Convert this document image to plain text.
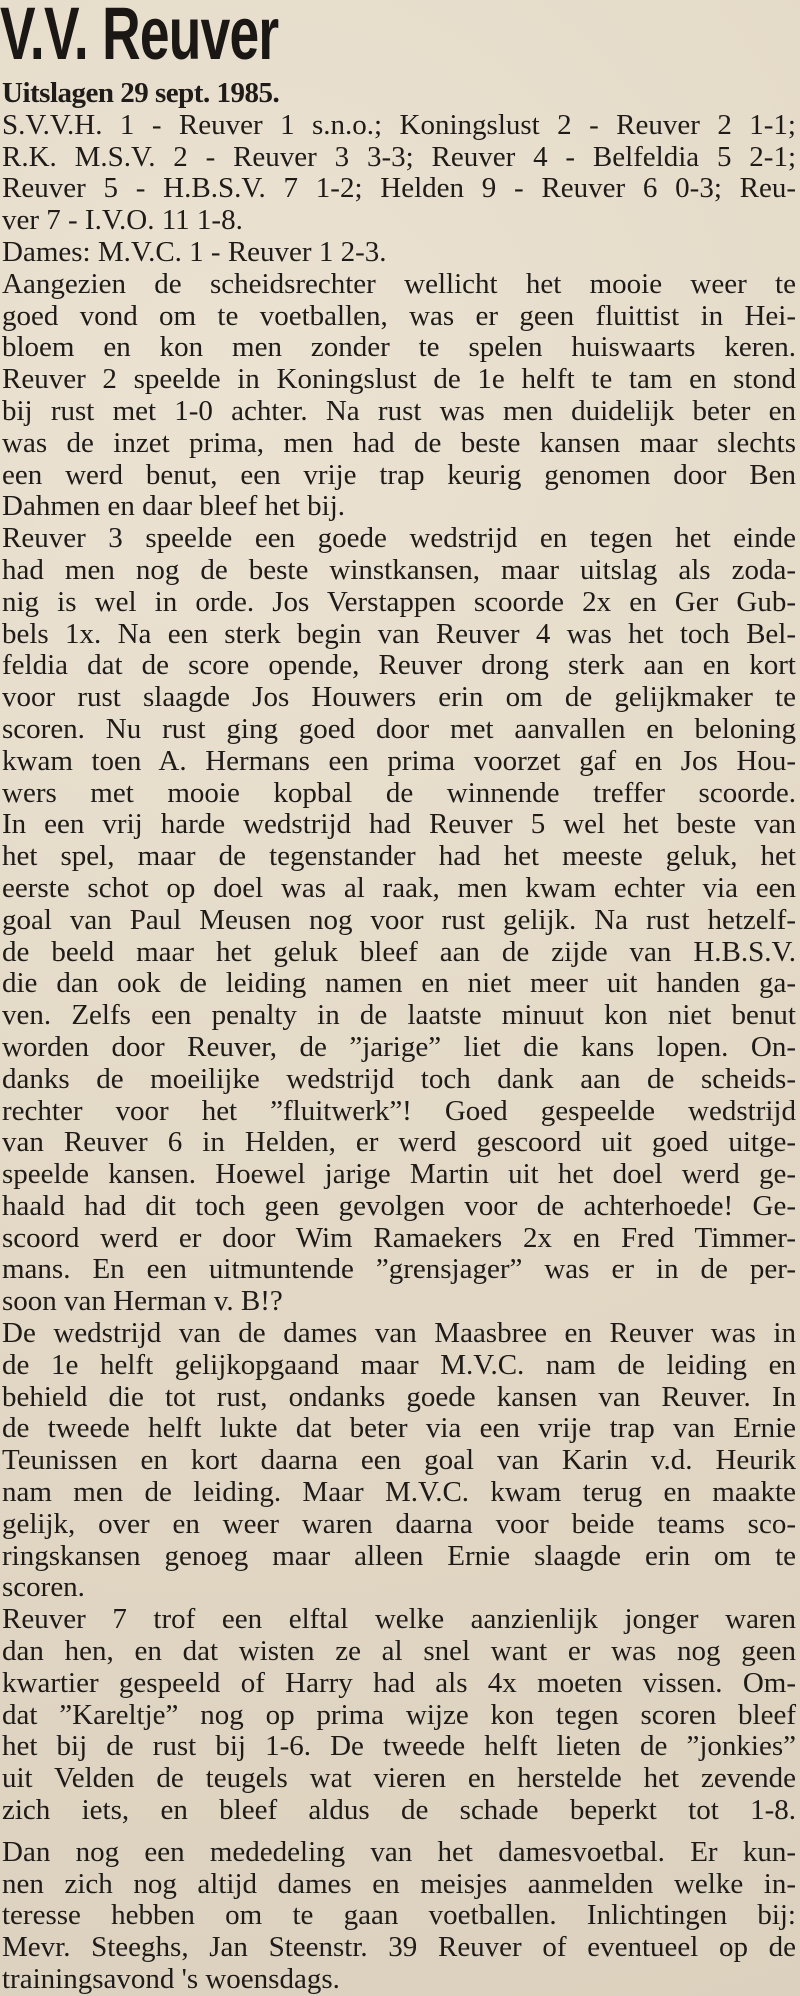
V.V. Reuver
Uitslagen 29 sept. 1985.
S.V.V.H. 1 - Reuver 1 s.n.o.; Koningslust 2 - Reuver 2 1-1;
R.K. M.S.V. 2 - Reuver 3 3-3; Reuver 4 - Belfeldia 5 2-1;
Reuver 5 - H.B.S.V. 7 1-2; Helden 9 - Reuver 6 0-3; Reu-
ver 7 - I.V.O. 11 1-8.
Dames: M.V.C. 1 - Reuver 1 2-3.
Aangezien de scheidsrechter wellicht het mooie weer te
goed vond om te voetballen, was er geen fluittist in Hei-
bloem en kon men zonder te spelen huiswaarts keren.
Reuver 2 speelde in Koningslust de 1e helft te tam en stond
bij rust met 1-0 achter. Na rust was men duidelijk beter en
was de inzet prima, men had de beste kansen maar slechts
een werd benut, een vrije trap keurig genomen door Ben
Dahmen en daar bleef het bij.
Reuver 3 speelde een goede wedstrijd en tegen het einde
had men nog de beste winstkansen, maar uitslag als zoda-
nig is wel in orde. Jos Verstappen scoorde 2x en Ger Gub-
bels 1x. Na een sterk begin van Reuver 4 was het toch Bel-
feldia dat de score opende, Reuver drong sterk aan en kort
voor rust slaagde Jos Houwers erin om de gelijkmaker te
scoren. Nu rust ging goed door met aanvallen en beloning
kwam toen A. Hermans een prima voorzet gaf en Jos Hou-
wers met mooie kopbal de winnende treffer scoorde.
In een vrij harde wedstrijd had Reuver 5 wel het beste van
het spel, maar de tegenstander had het meeste geluk, het
eerste schot op doel was al raak, men kwam echter via een
goal van Paul Meusen nog voor rust gelijk. Na rust hetzelf-
de beeld maar het geluk bleef aan de zijde van H.B.S.V.
die dan ook de leiding namen en niet meer uit handen ga-
ven. Zelfs een penalty in de laatste minuut kon niet benut
worden door Reuver, de ”jarige” liet die kans lopen. On-
danks de moeilijke wedstrijd toch dank aan de scheids-
rechter voor het ”fluitwerk”! Goed gespeelde wedstrijd
van Reuver 6 in Helden, er werd gescoord uit goed uitge-
speelde kansen. Hoewel jarige Martin uit het doel werd ge-
haald had dit toch geen gevolgen voor de achterhoede! Ge-
scoord werd er door Wim Ramaekers 2x en Fred Timmer-
mans. En een uitmuntende ”grensjager” was er in de per-
soon van Herman v. B!?
De wedstrijd van de dames van Maasbree en Reuver was in
de 1e helft gelijkopgaand maar M.V.C. nam de leiding en
behield die tot rust, ondanks goede kansen van Reuver. In
de tweede helft lukte dat beter via een vrije trap van Ernie
Teunissen en kort daarna een goal van Karin v.d. Heurik
nam men de leiding. Maar M.V.C. kwam terug en maakte
gelijk, over en weer waren daarna voor beide teams sco-
ringskansen genoeg maar alleen Ernie slaagde erin om te
scoren.
Reuver 7 trof een elftal welke aanzienlijk jonger waren
dan hen, en dat wisten ze al snel want er was nog geen
kwartier gespeeld of Harry had als 4x moeten vissen. Om-
dat ”Kareltje” nog op prima wijze kon tegen scoren bleef
het bij de rust bij 1-6. De tweede helft lieten de ”jonkies”
uit Velden de teugels wat vieren en herstelde het zevende
zich iets, en bleef aldus de schade beperkt tot 1-8.
Dan nog een mededeling van het damesvoetbal. Er kun-
nen zich nog altijd dames en meisjes aanmelden welke in-
teresse hebben om te gaan voetballen. Inlichtingen bij:
Mevr. Steeghs, Jan Steenstr. 39 Reuver of eventueel op de
trainingsavond 's woensdags.
